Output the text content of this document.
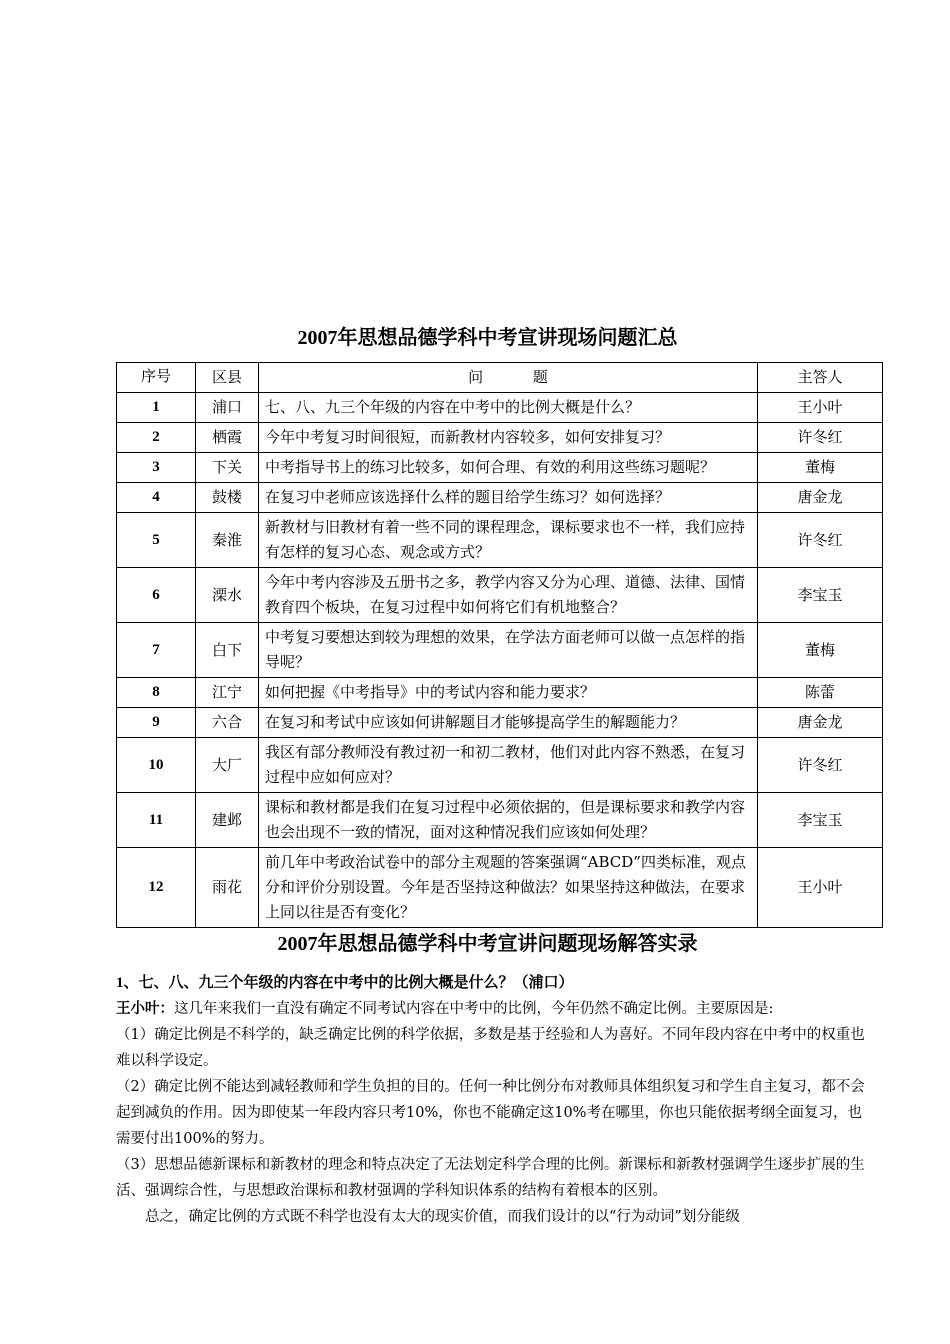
2007年思想品德学科中考宣讲现场问题汇总
序号	区县	问 题	主答人
1	浦口	七、八、九三个年级的内容在中考中的比例大概是什么？	王小叶
2	栖霞	今年中考复习时间很短，而新教材内容较多，如何安排复习？	许冬红
3	下关	中考指导书上的练习比较多，如何合理、有效的利用这些练习题呢？	董梅
4	鼓楼	在复习中老师应该选择什么样的题目给学生练习？如何选择？	唐金龙
5	秦淮	新教材与旧教材有着一些不同的课程理念，课标要求也不一样，我们应持有怎样的复习心态、观念或方式？	许冬红
6	溧水	今年中考内容涉及五册书之多，教学内容又分为心理、道德、法律、国情教育四个板块，在复习过程中如何将它们有机地整合？	李宝玉
7	白下	中考复习要想达到较为理想的效果，在学法方面老师可以做一点怎样的指导呢？	董梅
8	江宁	如何把握《中考指导》中的考试内容和能力要求？	陈蕾
9	六合	在复习和考试中应该如何讲解题目才能够提高学生的解题能力？	唐金龙
10	大厂	我区有部分教师没有教过初一和初二教材，他们对此内容不熟悉，在复习过程中应如何应对？	许冬红
11	建邺	课标和教材都是我们在复习过程中必须依据的，但是课标要求和教学内容也会出现不一致的情况，面对这种情况我们应该如何处理？	李宝玉
12	雨花	前几年中考政治试卷中的部分主观题的答案强调“ABCD”四类标准，观点分和评价分别设置。今年是否坚持这种做法？如果坚持这种做法，在要求上同以往是否有变化？	王小叶
2007年思想品德学科中考宣讲问题现场解答实录

1、七、八、九三个年级的内容在中考中的比例大概是什么？（浦口）

王小叶：这几年来我们一直没有确定不同考试内容在中考中的比例，今年仍然不确定比例。主要原因是:

（1）确定比例是不科学的，缺乏确定比例的科学依据，多数是基于经验和人为喜好。不同年段内容在中考中的权重也难以科学设定。

（2）确定比例不能达到减轻教师和学生负担的目的。任何一种比例分布对教师具体组织复习和学生自主复习，都不会起到减负的作用。因为即使某一年段内容只考10%，你也不能确定这10%考在哪里，你也只能依据考纲全面复习，也需要付出100%的努力。

（3）思想品德新课标和新教材的理念和特点决定了无法划定科学合理的比例。新课标和新教材强调学生逐步扩展的生活、强调综合性，与思想政治课标和教材强调的学科知识体系的结构有着根本的区别。

总之，确定比例的方式既不科学也没有太大的现实价值，而我们设计的以“行为动词”划分能级
